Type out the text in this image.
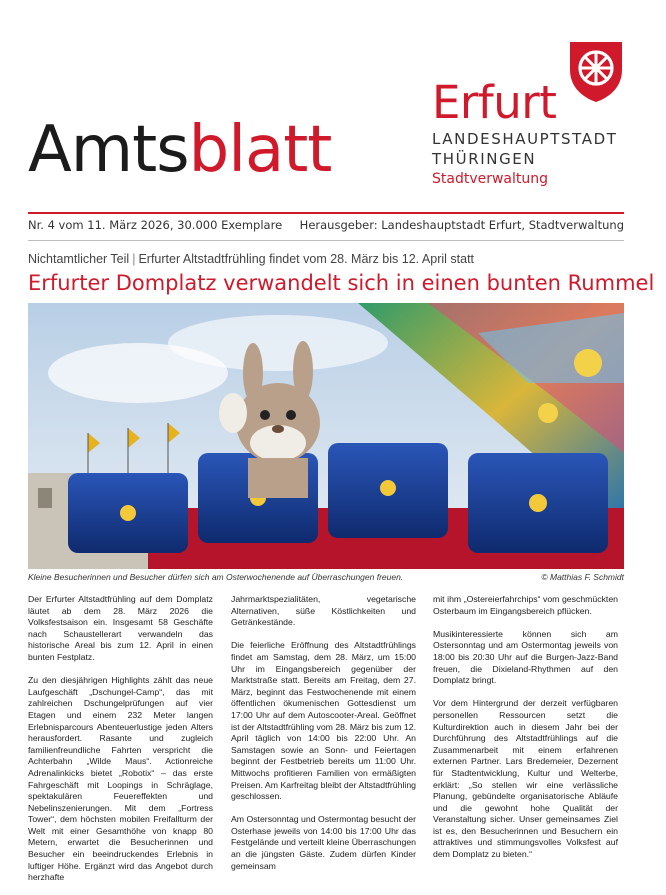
Erfurt
LANDESHAUPTSTADT
THÜRINGEN
Stadtverwaltung
Amtsblatt
Nr. 4 vom 11. März 2026, 30.000 Exemplare Herausgeber: Landeshauptstadt Erfurt, Stadtverwaltung
Nichtamtlicher Teil | Erfurter Altstadtfrühling findet vom 28. März bis 12. April statt
Erfurter Domplatz verwandelt sich in einen bunten Rummel
Kleine Besucherinnen und Besucher dürfen sich am Osterwochenende auf Überraschungen freuen.	© Matthias F. Schmidt

Der Erfurter Altstadtfrühling auf dem Domplatz läutet ab dem 28. März 2026 die Volksfestsaison ein. Insgesamt 58 Geschäfte nach Schaustellerart verwandeln das historische Areal bis zum 12. April in einen bunten Festplatz.

Zu den diesjährigen Highlights zählt das neue Laufgeschäft „Dschungel-Camp“, das mit zahlreichen Dschungelprüfungen auf vier Etagen und einem 232 Meter langen Erlebnisparcours Abenteuerlustige jeden Alters herausfordert. Rasante und zugleich familienfreundliche Fahrten verspricht die Achterbahn „Wilde Maus“. Actionreiche Adrenalinkicks bietet „Robotix“ – das erste Fahrgeschäft mit Loopings in Schräglage, spektakulären Feuereffekten und Nebelinszenierungen. Mit dem „Fortress Tower“, dem höchsten mobilen Freifallturm der Welt mit einer Gesamthöhe von knapp 80 Metern, erwartet die Besucherinnen und Besucher ein beeindruckendes Erlebnis in luftiger Höhe. Ergänzt wird das Angebot durch herzhafte

Jahrmarktspezialitäten, vegetarische Alternativen, süße Köstlichkeiten und Getränkestände.

Die feierliche Eröffnung des Altstadtfrühlings findet am Samstag, dem 28. März, um 15:00 Uhr im Eingangsbereich gegenüber der Marktstraße statt. Bereits am Freitag, dem 27. März, beginnt das Festwochenende mit einem öffentlichen ökumenischen Gottesdienst um 17:00 Uhr auf dem Autoscooter-Areal. Geöffnet ist der Altstadtfrühling vom 28. März bis zum 12. April täglich von 14:00 bis 22:00 Uhr. An Samstagen sowie an Sonn- und Feiertagen beginnt der Festbetrieb bereits um 11:00 Uhr. Mittwochs profitieren Familien von ermäßigten Preisen. Am Karfreitag bleibt der Altstadtfrühling geschlossen.

Am Ostersonntag und Ostermontag besucht der Osterhase jeweils von 14:00 bis 17:00 Uhr das Festgelände und verteilt kleine Überraschungen an die jüngsten Gäste. Zudem dürfen Kinder gemeinsam

mit ihm „Ostereierfahrchips“ vom geschmückten Osterbaum im Eingangsbereich pflücken.

Musikinteressierte können sich am Ostersonntag und am Ostermontag jeweils von 18:00 bis 20:30 Uhr auf die Burgen-Jazz-Band freuen, die Dixieland-Rhythmen auf den Domplatz bringt.

Vor dem Hintergrund der derzeit verfügbaren personellen Ressourcen setzt die Kulturdirektion auch in diesem Jahr bei der Durchführung des Altstadtfrühlings auf die Zusammenarbeit mit einem erfahrenen externen Partner. Lars Bredemeier, Dezernent für Stadtentwicklung, Kultur und Welterbe, erklärt: „So stellen wir eine verlässliche Planung, gebündelte organisatorische Abläufe und die gewohnt hohe Qualität der Veranstaltung sicher. Unser gemeinsames Ziel ist es, den Besucherinnen und Besuchern ein attraktives und stimmungsvolles Volksfest auf dem Domplatz zu bieten.“
